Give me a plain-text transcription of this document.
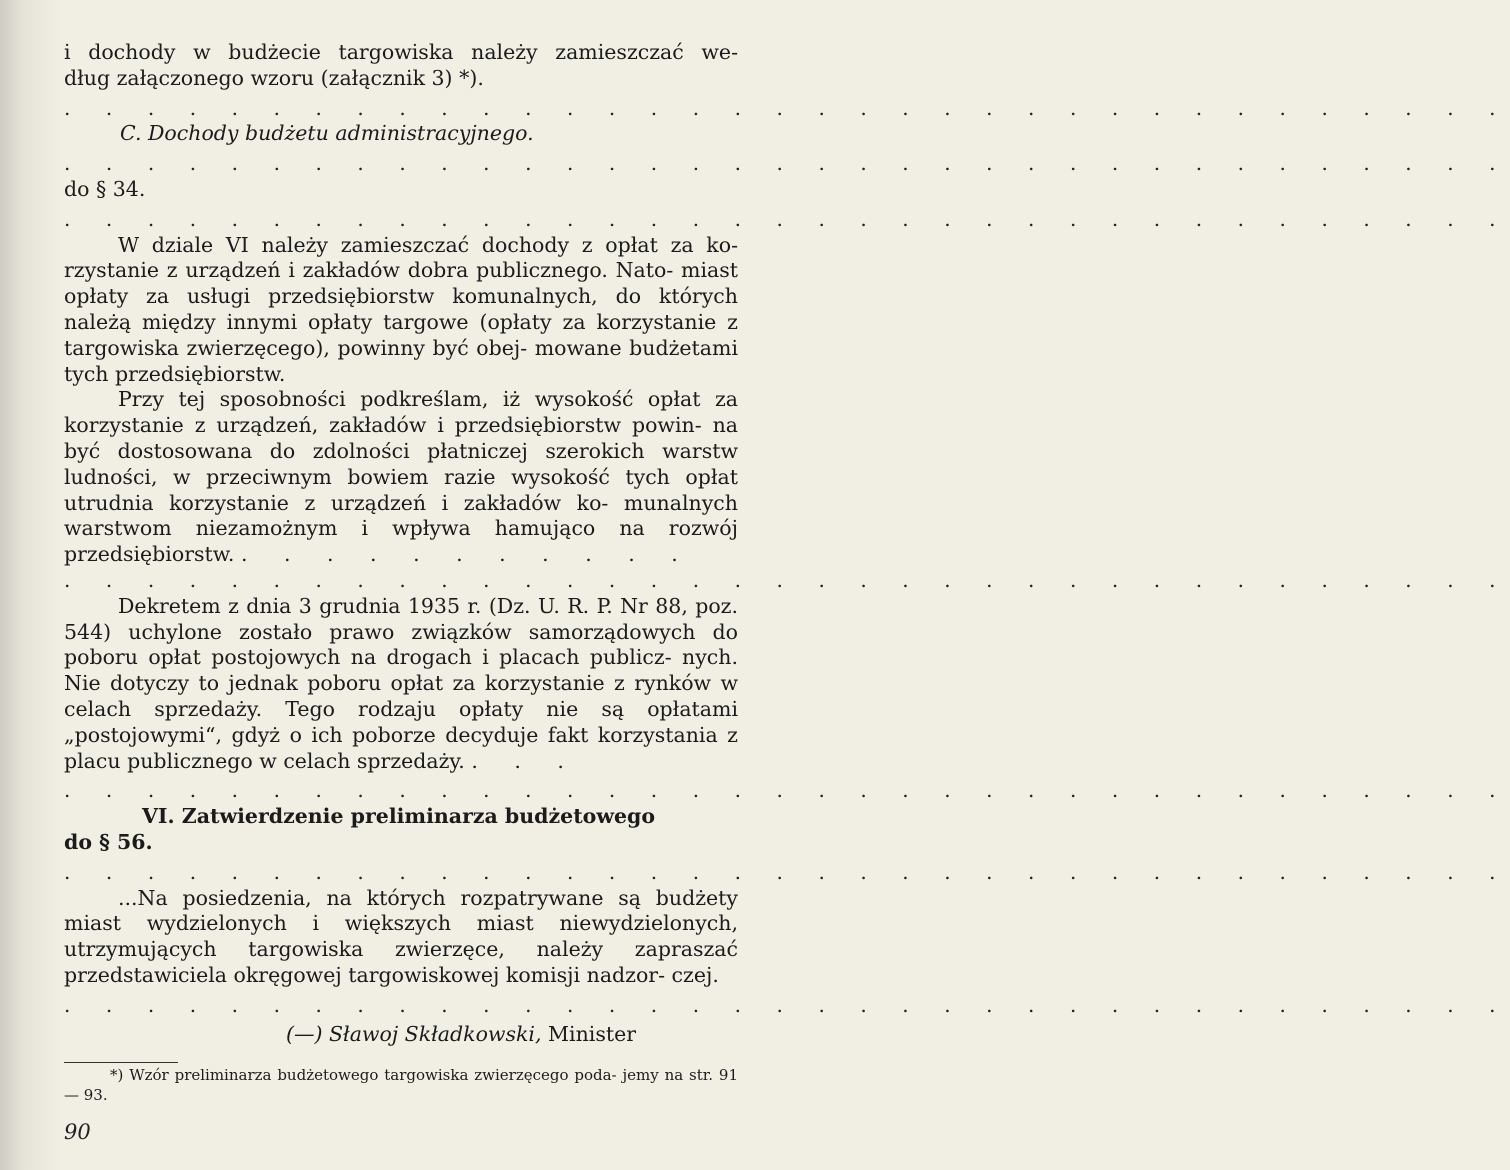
i dochody w budżecie targowiska należy zamieszczać we-

dług załączonego wzoru (załącznik 3) *).

. . . . . . . . . . . . . . . . . . . . . . . . . . . . . . . . . . .

C. Dochody budżetu administracyjnego.

. . . . . . . . . . . . . . . . . . . . . . . . . . . . . . . . . . .

do § 34.

. . . . . . . . . . . . . . . . . . . . . . . . . . . . . . . . . . .

W dziale VI należy zamieszczać dochody z opłat za ko- rzystanie z urządzeń i zakładów dobra publicznego. Nato- miast opłaty za usługi przedsiębiorstw komunalnych, do których należą między innymi opłaty targowe (opłaty za korzystanie z targowiska zwierzęcego), powinny być obej- mowane budżetami tych przedsiębiorstw.

Przy tej sposobności podkreślam, iż wysokość opłat za korzystanie z urządzeń, zakładów i przedsiębiorstw powin- na być dostosowana do zdolności płatniczej szerokich warstw ludności, w przeciwnym bowiem razie wysokość tych opłat utrudnia korzystanie z urządzeń i zakładów ko- munalnych warstwom niezamożnym i wpływa hamująco na rozwój przedsiębiorstw. . . . . . . . . . . .

. . . . . . . . . . . . . . . . . . . . . . . . . . . . . . . . . . .

Dekretem z dnia 3 grudnia 1935 r. (Dz. U. R. P. Nr 88, poz. 544) uchylone zostało prawo związków samorządowych do poboru opłat postojowych na drogach i placach publicz- nych. Nie dotyczy to jednak poboru opłat za korzystanie z rynków w celach sprzedaży. Tego rodzaju opłaty nie są opłatami „postojowymi“, gdyż o ich poborze decyduje fakt korzystania z placu publicznego w celach sprzedaży. . . .

. . . . . . . . . . . . . . . . . . . . . . . . . . . . . . . . . . .

VI. Zatwierdzenie preliminarza budżetowego

do § 56.

. . . . . . . . . . . . . . . . . . . . . . . . . . . . . . . . . . .

...Na posiedzenia, na których rozpatrywane są budżety miast wydzielonych i większych miast niewydzielonych, utrzymujących targowiska zwierzęce, należy zapraszać przedstawiciela okręgowej targowiskowej komisji nadzor- czej.

. . . . . . . . . . . . . . . . . . . . . . . . . . . . . . . . . . .

(—) Sławoj Składkowski, Minister

*) Wzór preliminarza budżetowego targowiska zwierzęcego poda- jemy na str. 91 — 93.

90
